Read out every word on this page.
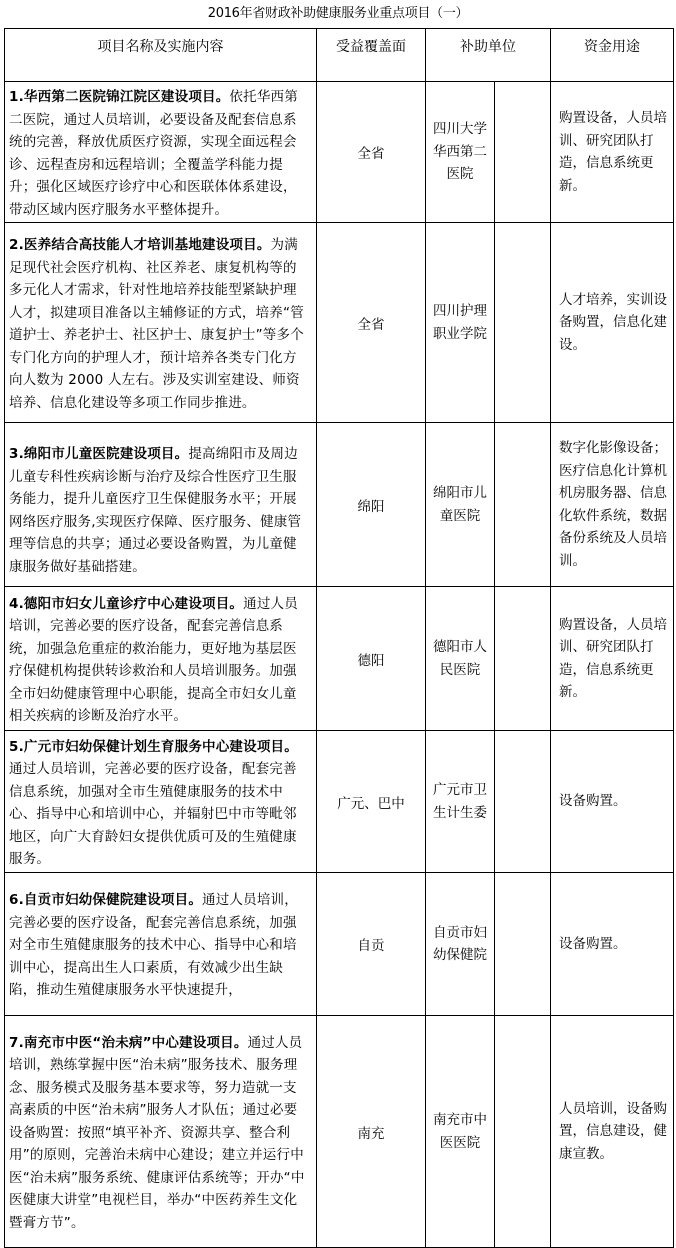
2016年省财政补助健康服务业重点项目（一）
项目名称及实施内容	受益覆盖面	补助单位		资金用途
1.华西第二医院锦江院区建设项目。依托华西第二医院，通过人员培训，必要设备及配套信息系统的完善，释放优质医疗资源，实现全面远程会诊、远程查房和远程培训；全覆盖学科能力提升；强化区域医疗诊疗中心和医联体体系建设，带动区域内医疗服务水平整体提升。	全省	四川大学华西第二医院		购置设备，人员培训、研究团队打造，信息系统更新。
2.医养结合高技能人才培训基地建设项目。为满足现代社会医疗机构、社区养老、康复机构等的多元化人才需求，针对性地培养技能型紧缺护理人才，拟建项目准备以主辅修证的方式，培养“管道护士、养老护士、社区护士、康复护士”等多个专门化方向的护理人才，预计培养各类专门化方向人数为 2000 人左右。涉及实训室建设、师资培养、信息化建设等多项工作同步推进。	全省	四川护理职业学院		人才培养，实训设备购置，信息化建设。
3.绵阳市儿童医院建设项目。提高绵阳市及周边儿童专科性疾病诊断与治疗及综合性医疗卫生服务能力，提升儿童医疗卫生保健服务水平；开展网络医疗服务,实现医疗保障、医疗服务、健康管理等信息的共享；通过必要设备购置，为儿童健康服务做好基础搭建。	绵阳	绵阳市儿童医院		数字化影像设备；医疗信息化计算机机房服务器、信息化软件系统，数据备份系统及人员培训。
4.德阳市妇女儿童诊疗中心建设项目。通过人员培训，完善必要的医疗设备，配套完善信息系统，加强急危重症的救治能力，更好地为基层医疗保健机构提供转诊救治和人员培训服务。加强全市妇幼健康管理中心职能，提高全市妇女儿童相关疾病的诊断及治疗水平。	德阳	德阳市人民医院		购置设备，人员培训、研究团队打造，信息系统更新。
5.广元市妇幼保健计划生育服务中心建设项目。通过人员培训，完善必要的医疗设备，配套完善信息系统，加强对全市生殖健康服务的技术中心、指导中心和培训中心，并辐射巴中市等毗邻地区，向广大育龄妇女提供优质可及的生殖健康服务。	广元、巴中	广元市卫生计生委		设备购置。
6.自贡市妇幼保健院建设项目。通过人员培训，完善必要的医疗设备，配套完善信息系统，加强对全市生殖健康服务的技术中心、指导中心和培训中心，提高出生人口素质，有效减少出生缺陷，推动生殖健康服务水平快速提升，	自贡	自贡市妇幼保健院		设备购置。
7.南充市中医“治未病”中心建设项目。通过人员培训，熟练掌握中医“治未病”服务技术、服务理念、服务模式及服务基本要求等，努力造就一支高素质的中医“治未病”服务人才队伍；通过必要设备购置：按照“填平补齐、资源共享、整合利用”的原则，完善治未病中心建设；建立并运行中医“治未病”服务系统、健康评估系统等；开办“中医健康大讲堂”电视栏目，举办“中医药养生文化暨膏方节”。	南充	南充市中医医院		人员培训，设备购置，信息建设，健康宣教。
